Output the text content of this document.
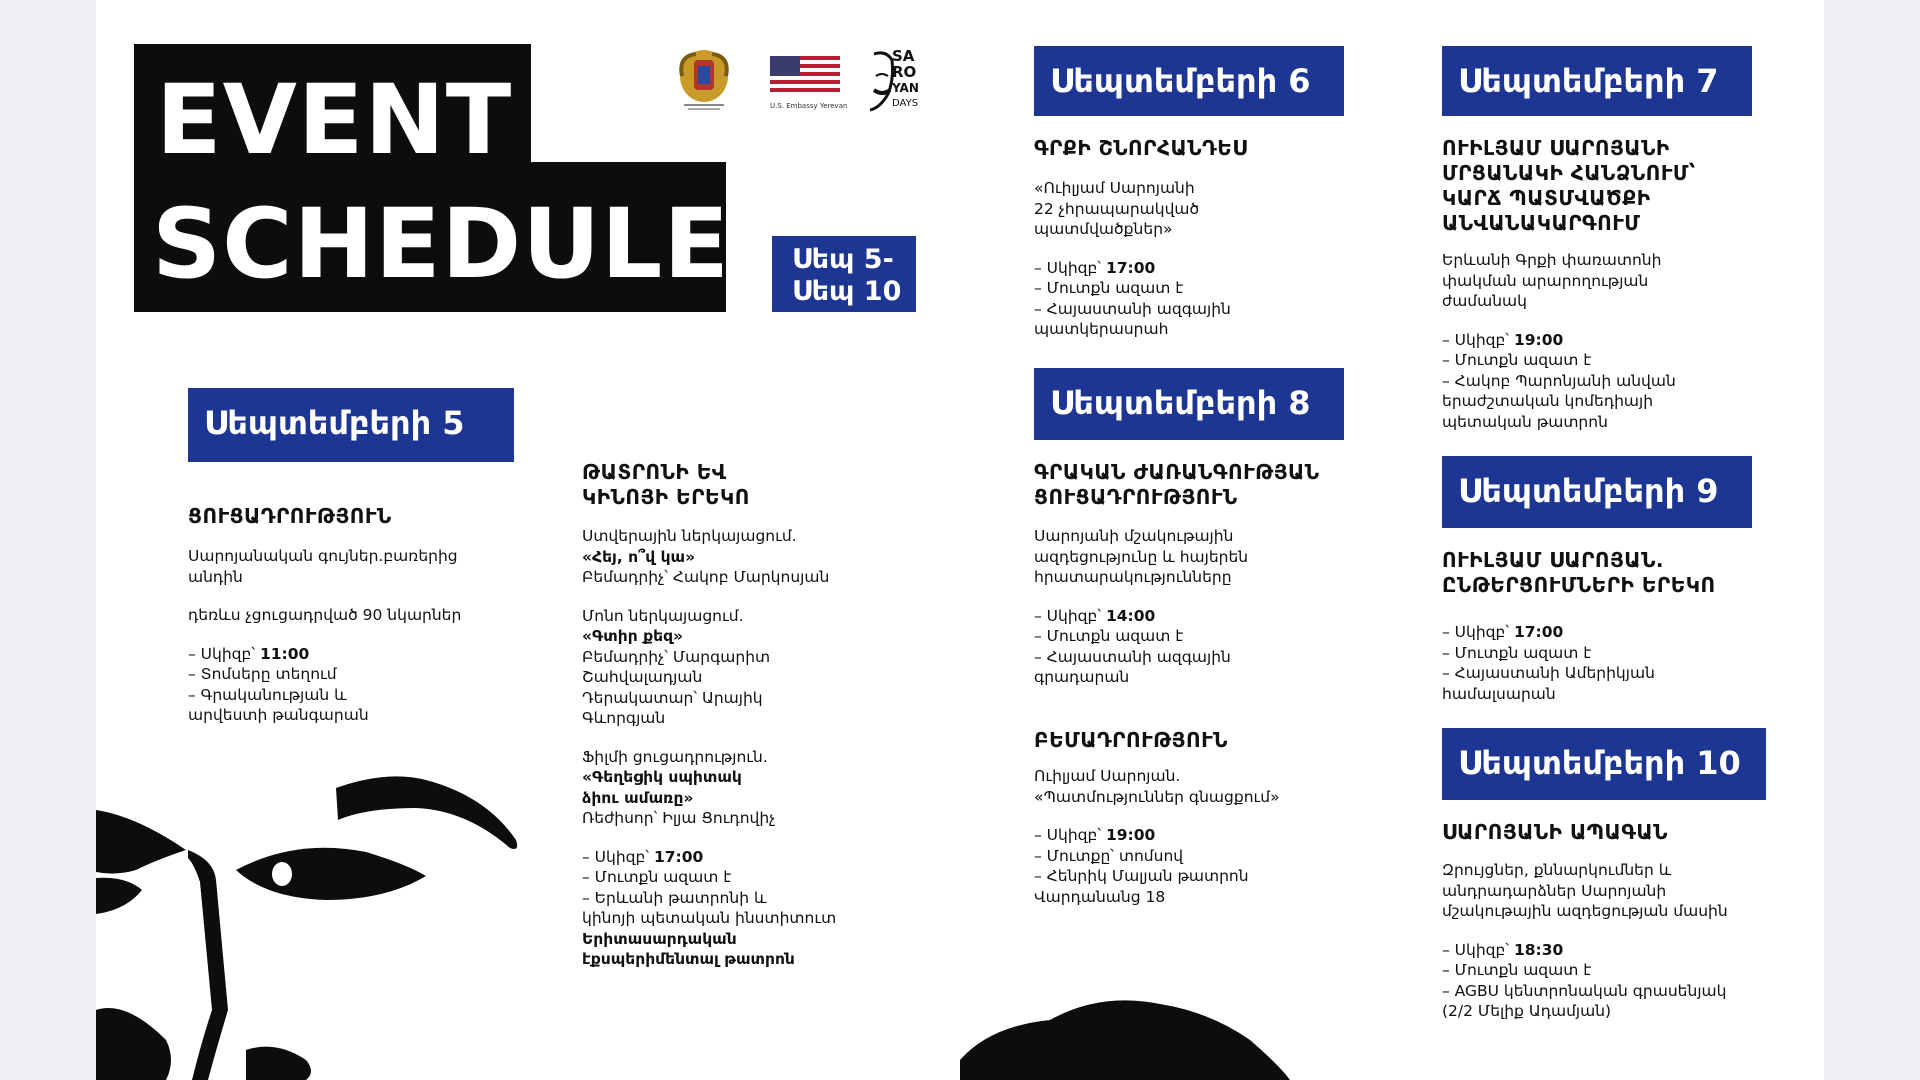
EVENT
SCHEDULE Սեպ 5-
Սեպ 10
U.S. Embassy Yerevan
SA
RO
YAN
DAYS
Սեպտեմբերի 5
ՑՈՒՑԱԴՐՈՒԹՅՈՒՆ
Սարոյանական գույներ.բառերից
անդին
դեռևս չցուցադրված 90 նկարներ
– Սկիզբ՝ 11:00
– Տոմսերը տեղում
– Գրականության և
արվեստի թանգարան
ԹԱՏՐՈՆԻ ԵՎ
ԿԻՆՈՅԻ ԵՐԵԿՈ
Ստվերային ներկայացում.
«Հեյ, ո՞վ կա»
Բեմադրիչ՝ Հակոբ Մարկոսյան
Մոնո ներկայացում.
«Գտիր քեզ»
Բեմադրիչ՝ Մարգարիտ
Շահվալադյան
Դերակատար՝ Արայիկ
Գևորգյան
Ֆիլմի ցուցադրություն.
«Գեղեցիկ սպիտակ
ձիու ամառը»
Ռեժիսոր՝ Իլյա Ցուդովիչ
– Սկիզբ՝ 17:00
– Մուտքն ազատ է
– Երևանի թատրոնի և
կինոյի պետական ինստիտուտ
Երիտասարդական
էքսպերիմենտալ թատրոն
Սեպտեմբերի 6
ԳՐՔԻ ՇՆՈՐՀԱՆԴԵՍ
«Ուիլյամ Սարոյանի
22 չհրապարակված
պատմվածքներ»
– Սկիզբ՝ 17:00
– Մուտքն ազատ է
– Հայաստանի ազգային
պատկերասրահ
Սեպտեմբերի 8
ԳՐԱԿԱՆ ԺԱՌԱՆԳՈՒԹՅԱՆ
ՑՈՒՑԱԴՐՈՒԹՅՈՒՆ
Սարոյանի մշակութային
ազդեցությունը և հայերեն
հրատարակությունները
– Սկիզբ՝ 14:00
– Մուտքն ազատ է
– Հայաստանի ազգային
գրադարան
ԲԵՄԱԴՐՈՒԹՅՈՒՆ
Ուիլյամ Սարոյան.
«Պատմություններ գնացքում»
– Սկիզբ՝ 19:00
– Մուտքը՝ տոմսով
– Հենրիկ Մալյան թատրոն
Վարդանանց 18
Սեպտեմբերի 7
ՈՒԻԼՅԱՄ ՍԱՐՈՅԱՆԻ
ՄՐՑԱՆԱԿԻ ՀԱՆՁՆՈՒՄ՝
ԿԱՐՃ ՊԱՏՄՎԱԾՔԻ
ԱՆՎԱՆԱԿԱՐԳՈՒՄ
Երևանի Գրքի փառատոնի
փակման արարողության
ժամանակ
– Սկիզբ՝ 19:00
– Մուտքն ազատ է
– Հակոբ Պարոնյանի անվան
երաժշտական կոմեդիայի
պետական թատրոն
Սեպտեմբերի 9
ՈՒԻԼՅԱՄ ՍԱՐՈՅԱՆ.
ԸՆԹԵՐՑՈՒՄՆԵՐԻ ԵՐԵԿՈ
– Սկիզբ՝ 17:00
– Մուտքն ազատ է
– Հայաստանի Ամերիկյան
համալսարան
Սեպտեմբերի 10
ՍԱՐՈՅԱՆԻ ԱՊԱԳԱՆ
Զրույցներ, քննարկումներ և
անդրադարձներ Սարոյանի
մշակութային ազդեցության մասին
– Սկիզբ՝ 18:30
– Մուտքն ազատ է
– AGBU կենտրոնական գրասենյակ
(2/2 Մելիք Ադամյան)
